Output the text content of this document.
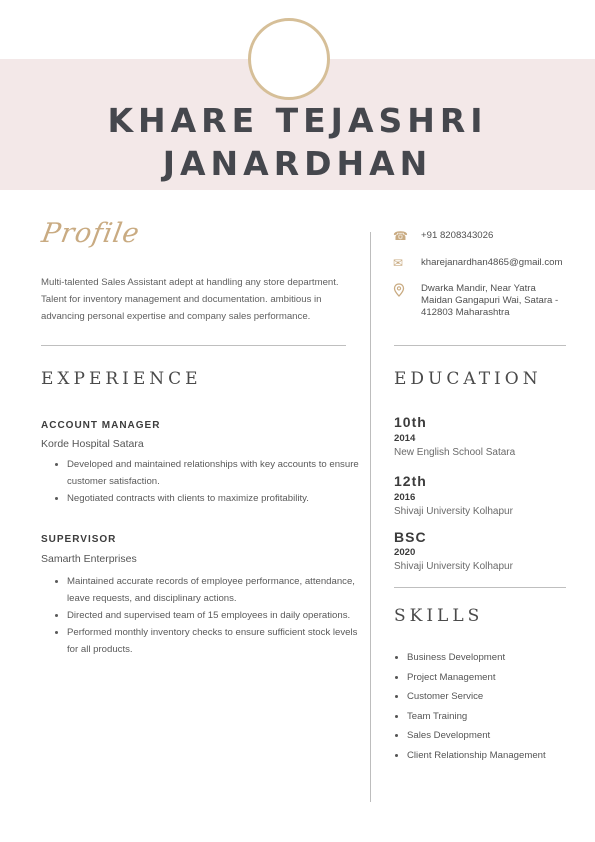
KHARE TEJASHRI
JANARDHAN
Profile
Multi-talented Sales Assistant adept at handling any store department. Talent for inventory management and documentation. ambitious in advancing personal expertise and company sales performance.
EXPERIENCE
ACCOUNT MANAGER
Korde Hospital Satara
• Developed and maintained relationships with key accounts to ensure customer satisfaction.
• Negotiated contracts with clients to maximize profitability.
SUPERVISOR
Samarth Enterprises
• Maintained accurate records of employee performance, attendance, leave requests, and disciplinary actions.
• Directed and supervised team of 15 employees in daily operations.
• Performed monthly inventory checks to ensure sufficient stock levels for all products.
☎ +91 8208343026
✉	kharejanardhan4865@gmail.com
Dwarka Mandir, Near Yatra Maidan Gangapuri Wai, Satara - 412803 Maharashtra
EDUCATION
10th
2014
New English School Satara
12th
2016
Shivaji University Kolhapur
BSC
2020
Shivaji University Kolhapur
SKILLS
• Business Development
• Project Management
• Customer Service
• Team Training
• Sales Development
• Client Relationship Management
